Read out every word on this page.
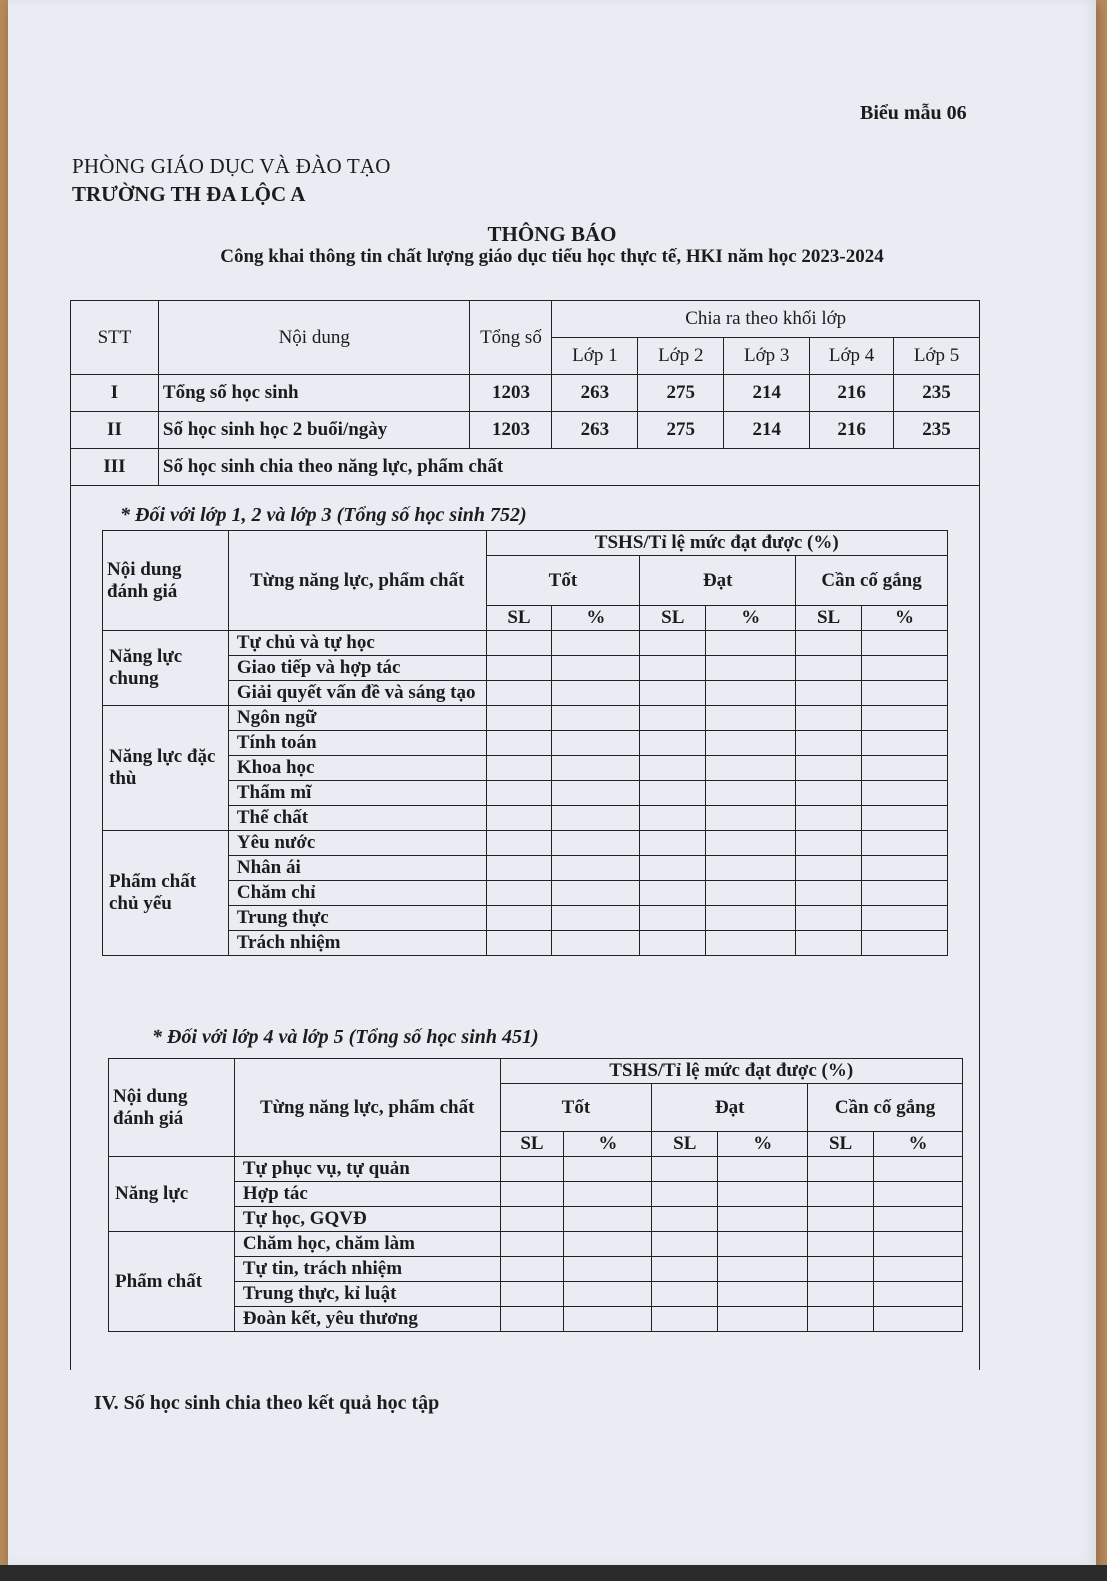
Biểu mẫu 06
PHÒNG GIÁO DỤC VÀ ĐÀO TẠO
TRƯỜNG TH ĐA LỘC A
THÔNG BÁO
Công khai thông tin chất lượng giáo dục tiểu học thực tế, HKI năm học 2023-2024
STT	Nội dung	Tổng số	Chia ra theo khối lớp				
			Lớp 1	Lớp 2	Lớp 3	Lớp 4	Lớp 5
I	Tổng số học sinh	1203	263	275	214	216	235
II	Số học sinh học 2 buổi/ngày	1203	263	275	214	216	235
III	Số học sinh chia theo năng lực, phẩm chất						
* Đối với lớp 1, 2 và lớp 3 (Tổng số học sinh 752)
Nội dung đánh giá	Từng năng lực, phẩm chất	TSHS/Tỉ lệ mức đạt được (%)					
		Tốt		Đạt		Cần cố gắng	
		SL	%	SL	%	SL	%
Năng lực chung	Tự chủ và tự học						
	Giao tiếp và hợp tác						
	Giải quyết vấn đề và sáng tạo						
Năng lực đặc thù	Ngôn ngữ						
	Tính toán						
	Khoa học						
	Thẩm mĩ						
	Thể chất						
Phẩm chất chủ yếu	Yêu nước						
	Nhân ái						
	Chăm chỉ						
	Trung thực						
	Trách nhiệm						
* Đối với lớp 4 và lớp 5 (Tổng số học sinh 451)
Nội dung đánh giá	Từng năng lực, phẩm chất	TSHS/Tỉ lệ mức đạt được (%)					
		Tốt		Đạt		Cần cố gắng	
		SL	%	SL	%	SL	%
Năng lực	Tự phục vụ, tự quản						
	Hợp tác						
	Tự học, GQVĐ						
Phẩm chất	Chăm học, chăm làm						
	Tự tin, trách nhiệm						
	Trung thực, kỉ luật						
	Đoàn kết, yêu thương						
IV. Số học sinh chia theo kết quả học tập
